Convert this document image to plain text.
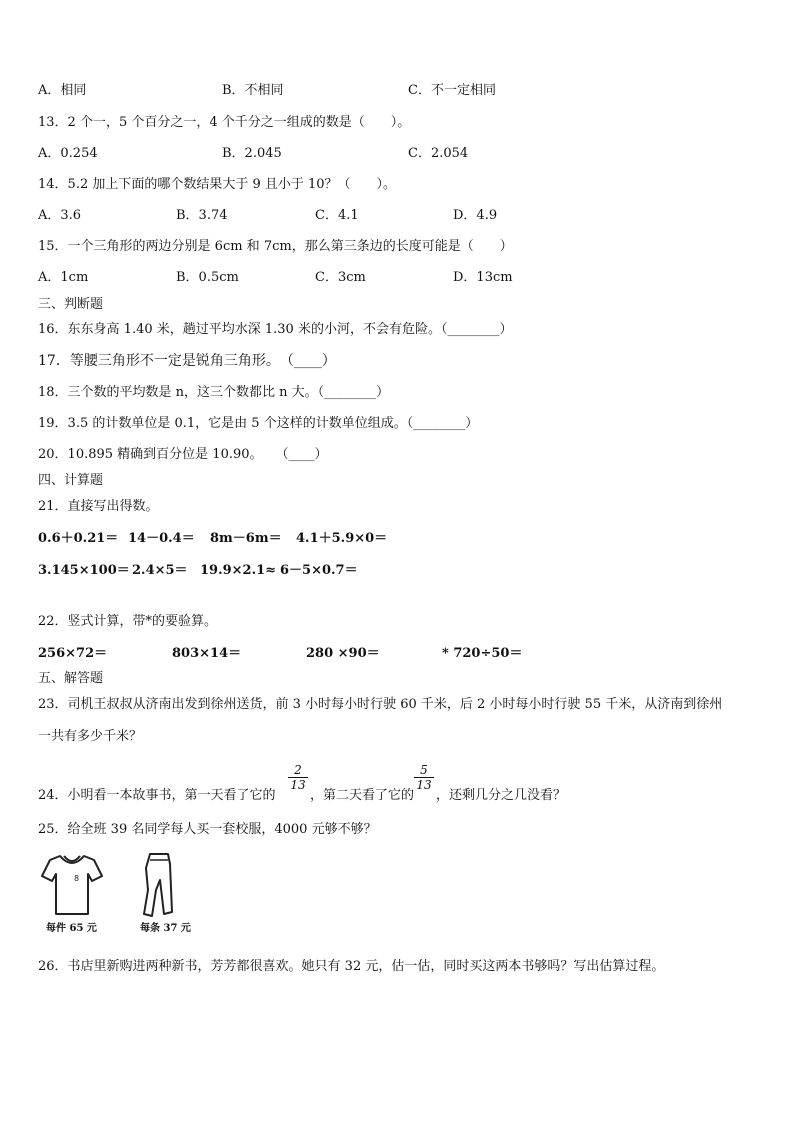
A．相同	B．不相同	C．不一定相同
13．2 个一，5 个百分之一，4 个千分之一组成的数是（　　）。
A．0.254	B．2.045	C．2.054
14．5.2 加上下面的哪个数结果大于 9 且小于 10？（　　）。
A．3.6	B．3.74	C．4.1	D．4.9
15．一个三角形的两边分别是 6cm 和 7cm，那么第三条边的长度可能是（　　）
A．1cm	B．0.5cm	C．3cm	D．13cm
三、判断题
16．东东身高 1.40 米，趟过平均水深 1.30 米的小河，不会有危险。（________）
17．等腰三角形不一定是锐角三角形。　（____）
18．三个数的平均数是 n，这三个数都比 n 大。（________）
19．3.5 的计数单位是 0.1，它是由 5 个这样的计数单位组成。（________）
20．10.895 精确到百分位是 10.90。　　（____）
四、计算题
21．直接写出得数。
0.6＋0.21＝ 14－0.4＝ 8m－6m＝ 4.1＋5.9×0＝
3.145×100＝ 2.4×5＝ 19.9×2.1≈ 6－5×0.7＝
22．竖式计算，带*的要验算。
256×72＝	803×14＝	280 ×90＝	* 720÷50＝
五、解答题
23．司机王叔叔从济南出发到徐州送货，前 3 小时每小时行驶 60 千米，后 2 小时每小时行驶 55 千米，从济南到徐州
一共有多少千米？
24．小明看一本故事书，第一天看了它的
$\frac{2}{13}$
，第二天看了它的
$\frac{5}{13}$
，还剩几分之几没看？
25．给全班 39 名同学每人买一套校服，4000 元够不够？
8
每件 65 元	每条 37 元
26．书店里新购进两种新书，芳芳都很喜欢。她只有 32 元，估一估，同时买这两本书够吗？写出估算过程。
